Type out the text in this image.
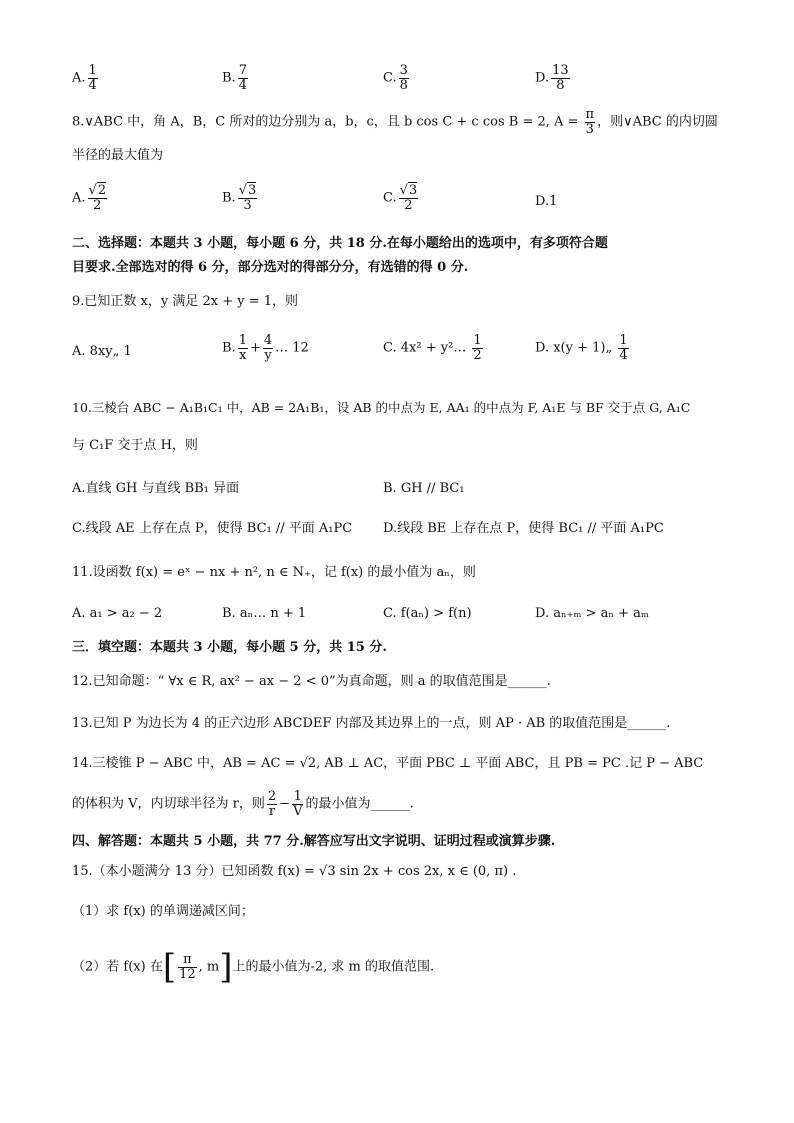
A. $\frac{1}{4}$	B. $\frac{7}{4}$	C. $\frac{3}{8}$	D. $\frac{13}{8}$
8.∨ABC 中，角 A，B，C 所对的边分别为 a，b，c，且 b cos C + c cos B = 2, $A = \frac{\pi}{3}$ ，则∨ABC 的内切圆
半径的最大值为
A. $\frac{√2}{2}$	B. $\frac{√3}{3}$	C. $\frac{√3}{2}$	D.1
二、选择题：本题共 3 小题，每小题 6 分，共 18 分.在每小题给出的选项中，有多项符合题
目要求.全部选对的得 6 分，部分选对的得部分分，有选错的得 0 分.
9.已知正数 x，y 满足 2x + y = 1，则
A. 8xy„ 1	B. $\frac{1}{x} + \frac{4}{y}$ … 12	C. 4x² + y²… $\frac{1}{2}$	D. x(y + 1)„ $\frac{1}{4}$
10.三棱台 ABC − A₁B₁C₁ 中，AB = 2A₁B₁，设 AB 的中点为 E, AA₁ 的中点为 F, A₁E 与 BF 交于点 G, A₁C
与 C₁F 交于点 H，则
A.直线 GH 与直线 BB₁ 异面	B. GH // BC₁
C.线段 AE 上存在点 P，使得 BC₁ // 平面 A₁PC D.线段 BE 上存在点 P，使得 BC₁ // 平面 A₁PC
11.设函数 f(x) = eˣ − nx + n², n ∈ N₊，记 f(x) 的最小值为 aₙ，则
A. a₁ > a₂ − 2	B. aₙ… n + 1	C. f(aₙ) > f(n)	D. aₙ₊ₘ > aₙ + aₘ
三．填空题：本题共 3 小题，每小题 5 分，共 15 分.
12.已知命题：“ ∀x ∈ R, ax² − ax − 2 < 0”为真命题，则 a 的取值范围是______.
13.已知 P 为边长为 4 的正六边形 ABCDEF 内部及其边界上的一点，则 AP · AB 的取值范围是______.
14.三棱锥 P − ABC 中，AB = AC = √2, AB ⊥ AC，平面 PBC ⊥ 平面 ABC，且 PB = PC .记 P − ABC
的体积为 V，内切球半径为 r，则 $\frac{2}{r} - \frac{1}{V}$ 的最小值为______.
四、解答题：本题共 5 小题，共 77 分.解答应写出文字说明、证明过程或演算步骤.
15.（本小题满分 13 分）已知函数 f(x) = √3 sin 2x + cos 2x, x ∈ (0, π) .
（1）求 f(x) 的单调递减区间；
（2）若 f(x) 在[ $\frac{\pi}{12}$ , m]上的最小值为-2, 求 m 的取值范围.
